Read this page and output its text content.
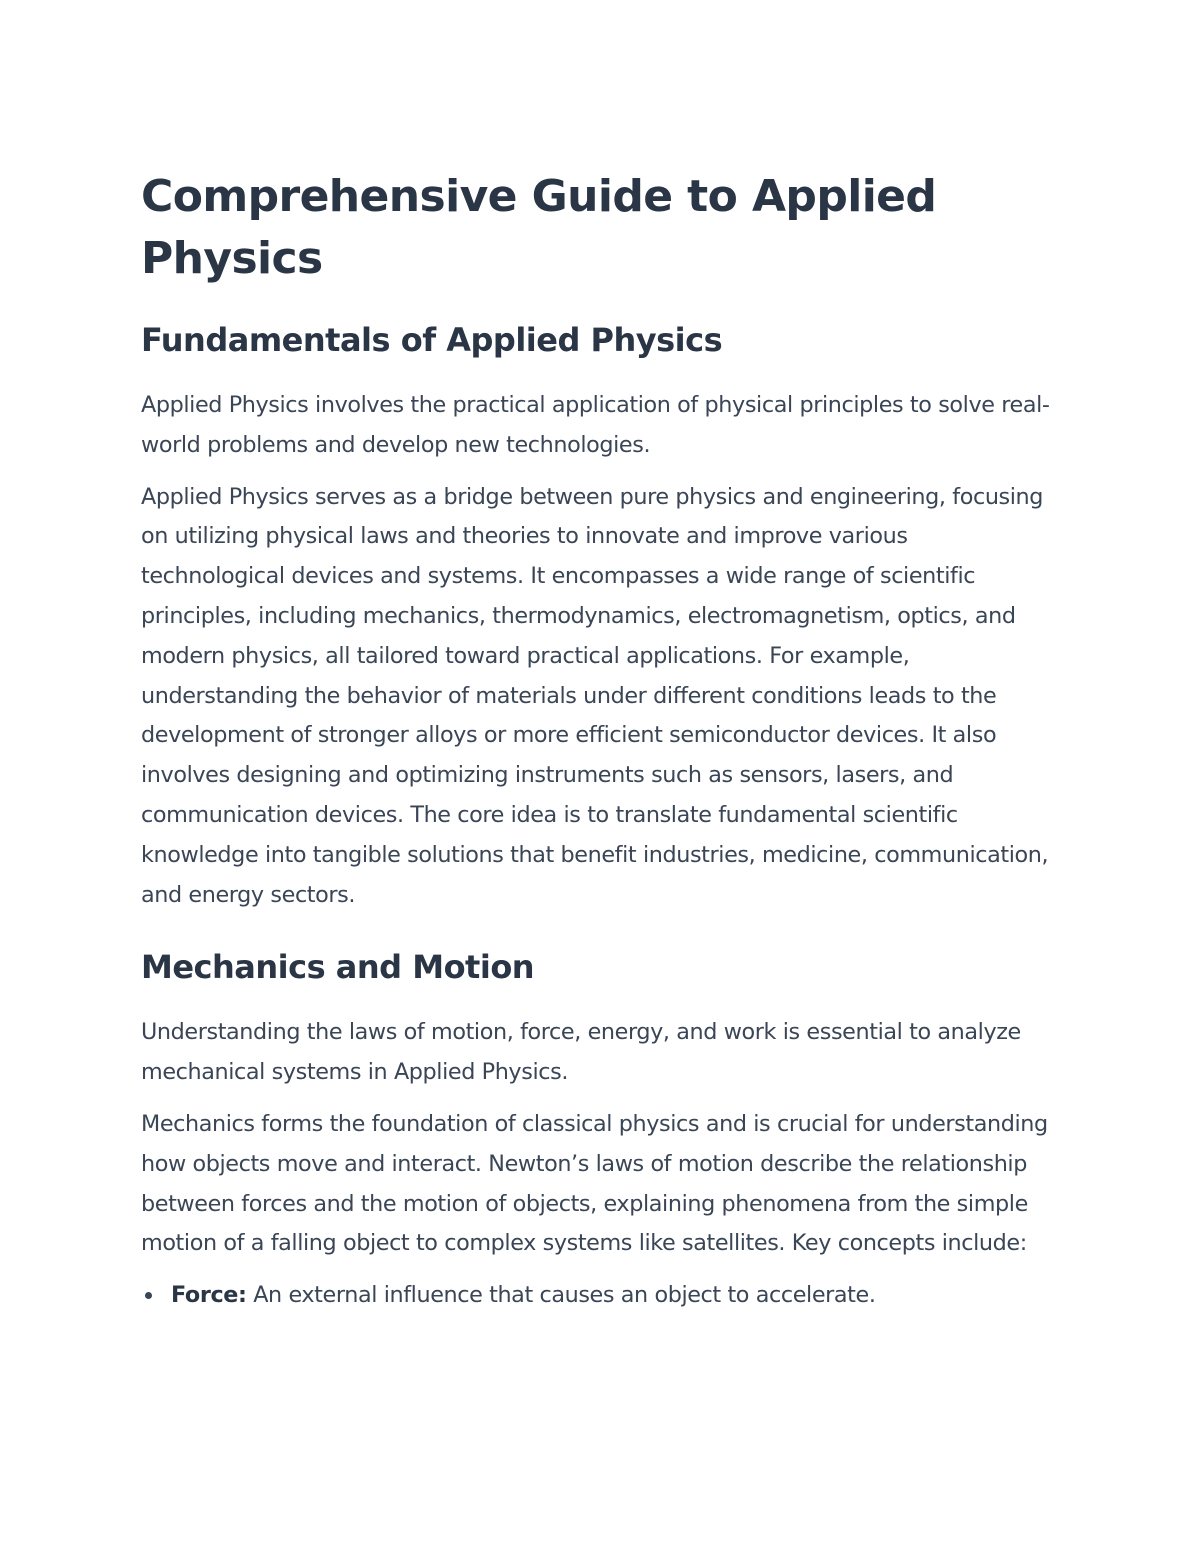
Comprehensive Guide to Applied Physics
Fundamentals of Applied Physics

Applied Physics involves the practical application of physical principles to solve real-world problems and develop new technologies.

Applied Physics serves as a bridge between pure physics and engineering, focusing on utilizing physical laws and theories to innovate and improve various technological devices and systems. It encompasses a wide range of scientific principles, including mechanics, thermodynamics, electromagnetism, optics, and modern physics, all tailored toward practical applications. For example, understanding the behavior of materials under different conditions leads to the development of stronger alloys or more efficient semiconductor devices. It also involves designing and optimizing instruments such as sensors, lasers, and communication devices. The core idea is to translate fundamental scientific knowledge into tangible solutions that benefit industries, medicine, communication, and energy sectors.

Mechanics and Motion

Understanding the laws of motion, force, energy, and work is essential to analyze mechanical systems in Applied Physics.

Mechanics forms the foundation of classical physics and is crucial for understanding how objects move and interact. Newton’s laws of motion describe the relationship between forces and the motion of objects, explaining phenomena from the simple motion of a falling object to complex systems like satellites. Key concepts include:

Force: An external influence that causes an object to accelerate.
